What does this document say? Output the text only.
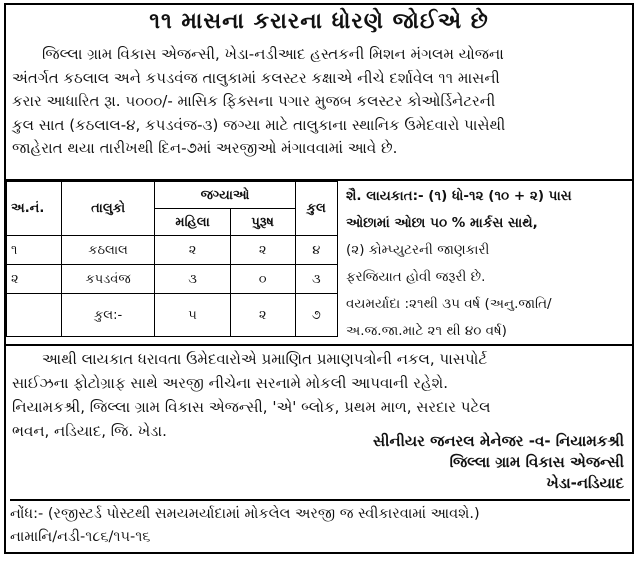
૧૧ માસના કરારના ધોરણે જોઈએ છે
જિલ્લા ગ્રામ વિકાસ એજન્સી, ખેડા-નડીઆદ હસ્તકની મિશન મંગલમ યોજના
અંતર્ગત કઠલાલ અને કપડવંજ તાલુકામાં કલસ્ટર કક્ષાએ નીચે દર્શાવેલ ૧૧ માસની
કરાર આધારિત રૂા. ૫૦૦૦/- માસિક ફિક્સના પગાર મુજબ કલસ્ટર કોઓર્ડિનેટરની
કુલ સાત (કઠલાલ-૪, કપડવંજ-૩) જગ્યા માટે તાલુકાના સ્થાનિક ઉમેદવારો પાસેથી
જાહેરાત થયા તારીખથી દિન-૭માં અરજીઓ મંગાવવામાં આવે છે.
અ.નં.	તાલુકો	જગ્યાઓ		કુલ
		મહિલા	પુરૂષ	
૧	કઠલાલ	૨	૨	૪
૨	કપડવંજ	૩	૦	૩
	કુલ:-	૫	૨	૭
શૈ. લાયકાત:- (૧) ધો-૧૨ (૧૦ + ૨) પાસ
ઓછામાં ઓછા ૫૦ % માર્કસ સાથે,
(૨) કોમ્પ્યુટરની જાણકારી
ફરજિયાત હોવી જરૂરી છે.
વયમર્યાદા :૨૧થી ૩૫ વર્ષ (અનુ.જાતિ/
અ.જ.જા.માટે ૨૧ થી ૪૦ વર્ષ)
આથી લાયકાત ધરાવતા ઉમેદવારોએ પ્રમાણિત પ્રમાણપત્રોની નકલ, પાસપોર્ટ
સાઈઝના ફોટોગ્રાફ સાથે અરજી નીચેના સરનામે મોકલી આપવાની રહેશે.
નિયામકશ્રી, જિલ્લા ગ્રામ વિકાસ એજન્સી, 'એ' બ્લોક, પ્રથમ માળ, સરદાર પટેલ
ભવન, નડિયાદ, જિ. ખેડા.
સીનીયર જનરલ મેનેજર -વ- નિયામકશ્રી
જિલ્લા ગ્રામ વિકાસ એજન્સી
ખેડા-નડિયાદ
નોંધ:- (રજીસ્ટર્ડ પોસ્ટથી સમયમર્યાદામાં મોકલેલ અરજી જ સ્વીકારવામાં આવશે.)
નામાનિ/નડી-૧૮૬/૧૫-૧૬
